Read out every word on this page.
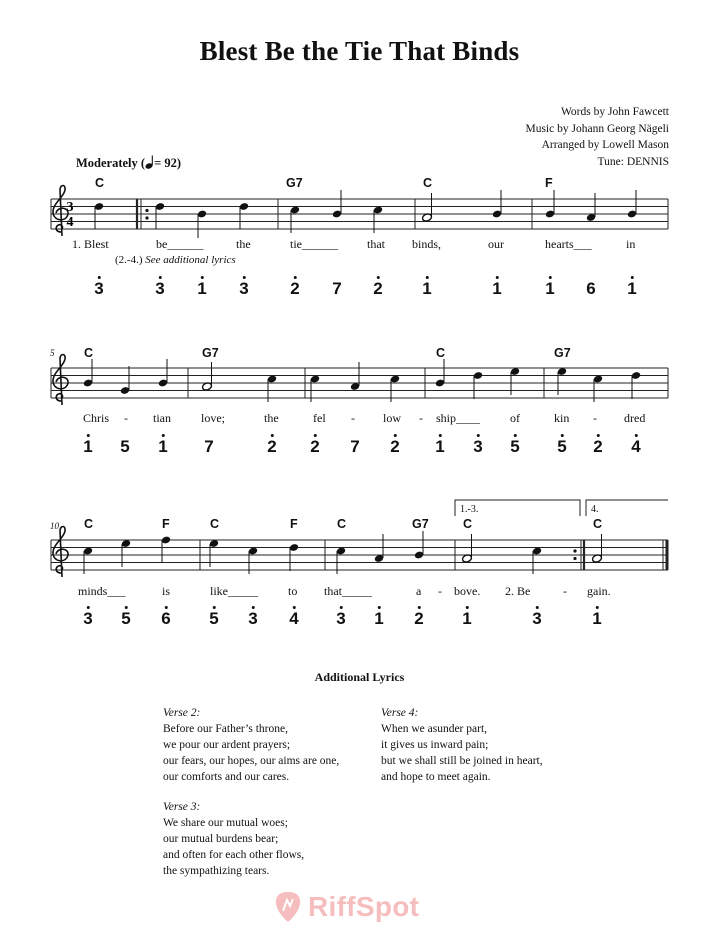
Blest Be the Tie That Binds
Words by John Fawcett
Music by Johann Georg Nägeli
Arranged by Lowell Mason
Tune: DENNIS
Moderately ( = 92)
3
4
C	G7	C	F
1. Blest	be______	the	tie______ that binds,	our	hearts___	in
(2.-4.) See additional lyrics
3	3 1 3 2 7 2 1	1	1 6 1
5 C	G7	C	G7
Chris - tian	love;	the	fel - low - ship____ of	kin - dred
1 5 1 7	2 2 7 2 1 3 5 5 2 4
10
1.-3.	4.
C	F	C	F	C	G7	C	C
minds___	is	like_____	to that_____	a - bove. 2. Be	- gain.
3 5 6 5 3 4 3 1 2 1	3	1
Additional Lyrics
Verse 2:
Before our Father’s throne,
we pour our ardent prayers;
our fears, our hopes, our aims are one,
our comforts and our cares.
Verse 3:
We share our mutual woes;
our mutual burdens bear;
and often for each other flows,
the sympathizing tears.
Verse 4:
When we asunder part,
it gives us inward pain;
but we shall still be joined in heart,
and hope to meet again.
RiffSpot
